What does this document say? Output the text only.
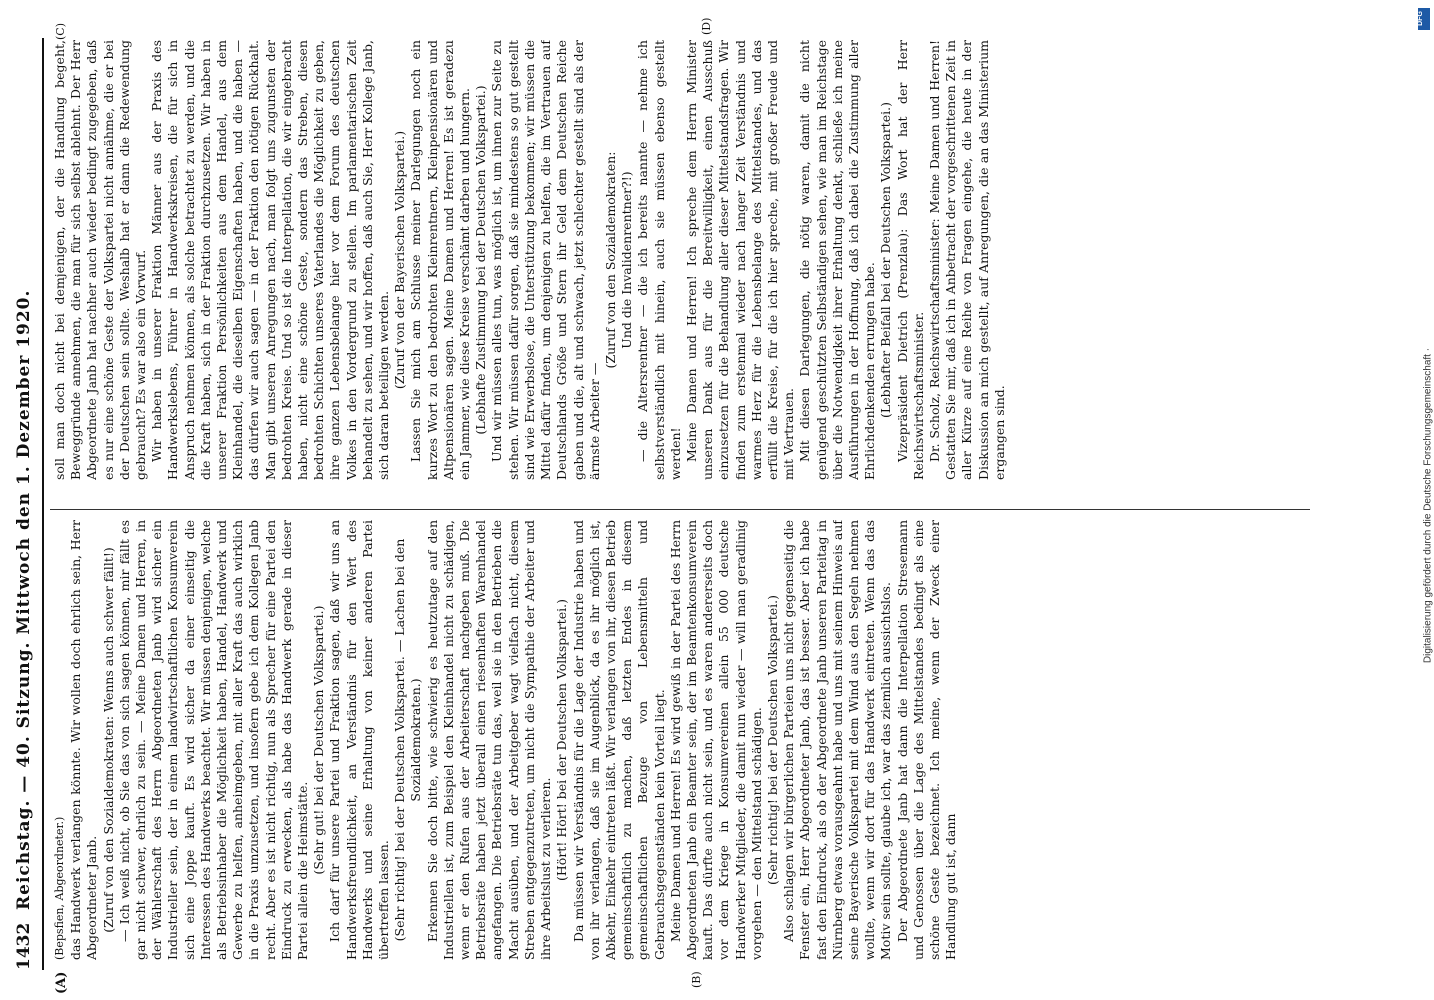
1432
Reichstag. — 40. Sitzung. Mittwoch den 1. Dezember 1920.
(A)	(B)
(C)	(D)

(Bepsfien, Abgeordneter.) das Handwerk verlangen könnte. Wir wollen doch ehrlich sein, Herr Abgeordneter Janb. (Zuruf von den Sozialdemokraten: Wenns auch schwer fällt!) — Ich weiß nicht, ob Sie das von sich sagen können, mir fällt es gar nicht schwer, ehrlich zu sein. — Meine Damen und Herren, in der Wählerschaft des Herrn Abgeordneten Janb wird sicher ein Industrieller sein, der in einem landwirtschaftlichen Konsumverein sich eine Joppe kauft. Es wird sicher da einer einseitig die Interessen des Handwerks beachtet. Wir müssen denjenigen, welche als Betriebsinhaber die Möglichkeit haben, Handel, Handwerk und Gewerbe zu helfen, anheimgeben, mit aller Kraft das auch wirklich in die Praxis umzusetzen, und insofern gebe ich dem Kollegen Janb recht. Aber es ist nicht richtig, nun als Sprecher für eine Partei den Eindruck zu erwecken, als habe das Handwerk gerade in dieser Partei allein die Heimstätte. (Sehr gut! bei der Deutschen Volkspartei.) Ich darf für unsere Partei und Fraktion sagen, daß wir uns an Handwerksfreundlichkeit, an Verständnis für den Wert des Handwerks und seine Erhaltung von keiner anderen Partei übertreffen lassen. (Sehr richtig! bei der Deutschen Volkspartei. — Lachen bei den Sozialdemokraten.) Erkennen Sie doch bitte, wie schwierig es heutzutage auf den Industriellen ist, zum Beispiel den Kleinhandel nicht zu schädigen, wenn er den Rufen aus der Arbeiterschaft nachgeben muß. Die Betriebsräte haben jetzt überall einen riesenhaften Warenhandel angefangen. Die Betriebsräte tun das, weil sie in den Betrieben die Macht ausüben, und der Arbeitgeber wagt vielfach nicht, diesem Streben entgegenzutreten, um nicht die Sympathie der Arbeiter und ihre Arbeitslust zu verlieren. (Hört! Hört! bei der Deutschen Volkspartei.) Da müssen wir Verständnis für die Lage der Industrie haben und von ihr verlangen, daß sie im Augenblick, da es ihr möglich ist, Abkehr, Einkehr eintreten läßt. Wir verlangen von ihr, diesen Betrieb gemeinschaftlich zu machen, daß letzten Endes in diesem gemeinschaftlichen Bezuge von Lebensmitteln und Gebrauchsgegenständen kein Vorteil liegt. Meine Damen und Herren! Es wird gewiß in der Partei des Herrn Abgeordneten Janb ein Beamter sein, der im Beamtenkonsumverein kauft. Das dürfte auch nicht sein, und es waren andererseits doch vor dem Kriege in Konsumvereinen allein 55 000 deutsche Handwerker Mitglieder, die damit nun wieder — will man geradlinig vorgehen — den Mittelstand schädigen. (Sehr richtig! bei der Deutschen Volkspartei.) Also schlagen wir bürgerlichen Parteien uns nicht gegenseitig die Fenster ein, Herr Abgeordneter Janb, das ist besser. Aber ich habe fast den Eindruck, als ob der Abgeordnete Janb unseren Parteitag in Nürnberg etwas vorausgeahnt habe und uns mit seinem Hinweis auf seine Bayerische Volkspartei mit dem Wind aus den Segeln nehmen wollte, wenn wir dort für das Handwerk eintreten. Wenn das das Motiv sein sollte, glaube ich, war das ziemlich aussichtslos. Der Abgeordnete Janb hat dann die Interpellation Stresemann und Genossen über die Lage des Mittelstandes bedingt als eine schöne Geste bezeichnet. Ich meine, wenn der Zweck einer Handlung gut ist, dann

soll man doch nicht bei demjenigen, der die Handlung begeht, Beweggründe annehmen, die man für sich selbst ablehnt. Der Herr Abgeordnete Janb hat nachher auch wieder bedingt zugegeben, daß es nur eine schöne Geste der Volkspartei nicht annähme, die er bei der Deutschen sein sollte. Weshalb hat er dann die Redewendung gebraucht? Es war also ein Vorwurf. Wir haben in unserer Fraktion Männer aus der Praxis des Handwerkslebens, Führer in Handwerkskreisen, die für sich in Anspruch nehmen können, als solche betrachtet zu werden, und die die Kraft haben, sich in der Fraktion durchzusetzen. Wir haben in unserer Fraktion Persönlichkeiten aus dem Handel, aus dem Kleinhandel, die dieselben Eigenschaften haben, und die haben — das dürfen wir auch sagen — in der Fraktion den nötigen Rückhalt. Man gibt unseren Anregungen nach, man folgt uns zugunsten der bedrohten Kreise. Und so ist die Interpellation, die wir eingebracht haben, nicht eine schöne Geste, sondern das Streben, diesen bedrohten Schichten unseres Vaterlandes die Möglichkeit zu geben, ihre ganzen Lebensbelange hier vor dem Forum des deutschen Volkes in den Vordergrund zu stellen. Im parlamentarischen Zeit behandelt zu sehen, und wir hoffen, daß auch Sie, Herr Kollege Janb, sich daran beteiligen werden. (Zuruf von der Bayerischen Volkspartei.) Lassen Sie mich am Schlusse meiner Darlegungen noch ein kurzes Wort zu den bedrohten Kleinrentnern, Kleinpensionären und Altpensionären sagen. Meine Damen und Herren! Es ist geradezu ein Jammer, wie diese Kreise verschämt darben und hungern. (Lebhafte Zustimmung bei der Deutschen Volkspartei.) Und wir müssen alles tun, was möglich ist, um ihnen zur Seite zu stehen. Wir müssen dafür sorgen, daß sie mindestens so gut gestellt sind wie Erwerbslose, die Unterstützung bekommen; wir müssen die Mittel dafür finden, um denjenigen zu helfen, die im Vertrauen auf Deutschlands Größe und Stern ihr Geld dem Deutschen Reiche gaben und die, alt und schwach, jetzt schlechter gestellt sind als der ärmste Arbeiter —

(Zuruf von den Sozialdemokraten: Und die Invalidenrentner?!) — die Altersrentner — die ich bereits nannte — nehme ich selbstverständlich mit hinein, auch sie müssen ebenso gestellt werden! Meine Damen und Herren! Ich spreche dem Herrn Minister unseren Dank aus für die Bereitwilligkeit, einen Ausschuß einzusetzen für die Behandlung aller dieser Mittelstandsfragen. Wir finden zum erstenmal wieder nach langer Zeit Verständnis und warmes Herz für die Lebensbelange des Mittelstandes, und das erfüllt die Kreise, für die ich hier spreche, mit großer Freude und mit Vertrauen. Mit diesen Darlegungen, die nötig waren, damit die nicht genügend geschützten Selbständigen sehen, wie man im Reichstage über die Notwendigkeit ihrer Erhaltung denkt, schließe ich meine Ausführungen in der Hoffnung, daß ich dabei die Zustimmung aller Ehrlichdenkenden errungen habe. (Lebhafter Beifall bei der Deutschen Volkspartei.) Vizepräsident Dietrich (Prenzlau): Das Wort hat der Herr Reichswirtschaftsminister. Dr. Scholz, Reichswirtschaftsminister: Meine Damen und Herren! Gestatten Sie mir, daß ich in Anbetracht der vorgeschrittenen Zeit in aller Kürze auf eine Reihe von Fragen eingehe, die heute in der Diskussion an mich gestellt, auf Anregungen, die an das Ministerium ergangen sind.

DFG
Digitalisierung gefördert durch die Deutsche Forschungsgemeinschaft ·
